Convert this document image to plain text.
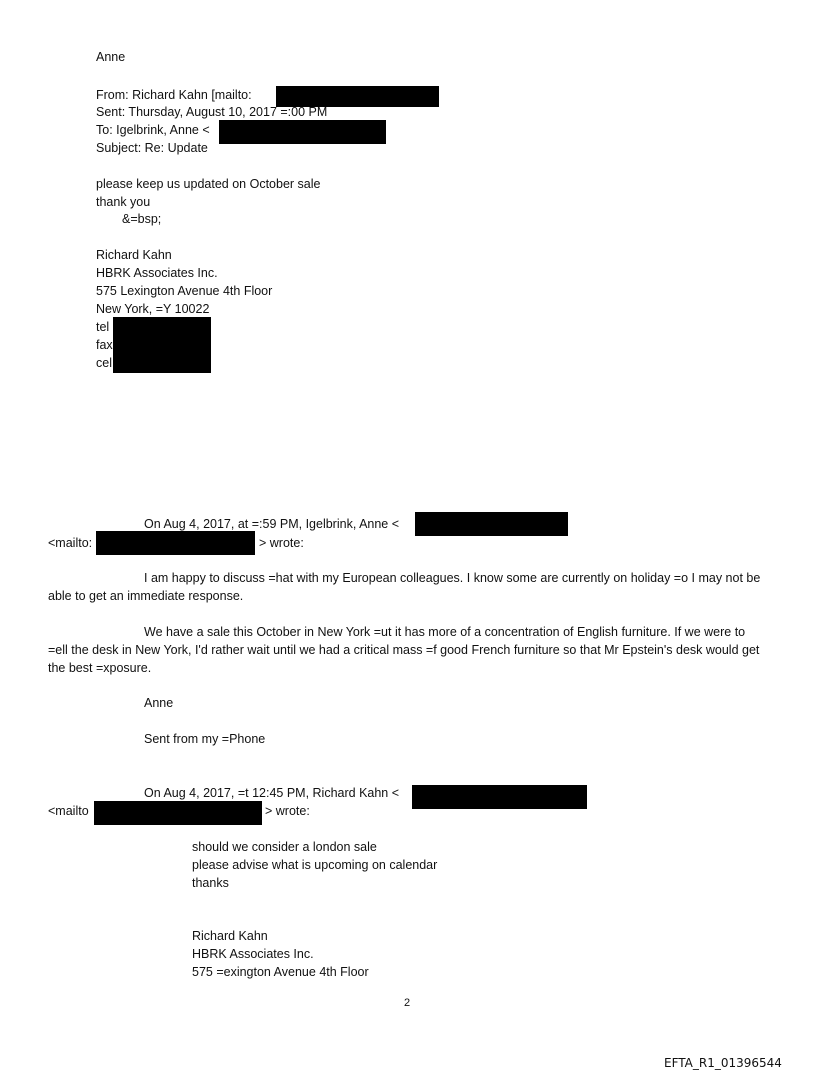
Anne
From: Richard Kahn [mailto:
Sent: Thursday, August 10, 2017 =:00 PM
To: Igelbrink, Anne <
Subject: Re: Update
please keep us updated on October sale
thank you
&=bsp;
Richard Kahn
HBRK Associates Inc.
575 Lexington Avenue 4th Floor
New York, =Y 10022
tel
fax
cel
On Aug 4, 2017, at =:59 PM, Igelbrink, Anne <
<mailto:	> wrote:
I am happy to discuss =hat with my European colleagues. I know some are currently on holiday =o I may not be able to get an immediate response.
We have a sale this October in New York =ut it has more of a concentration of English furniture. If we were to =ell the desk in New York, I'd rather wait until we had a critical mass =f good French furniture so that Mr Epstein's desk would get the best =xposure.
Anne
Sent from my =Phone
On Aug 4, 2017, =t 12:45 PM, Richard Kahn <
<mailto	> wrote:
should we consider a london sale
please advise what is upcoming on calendar
thanks
Richard Kahn
HBRK Associates Inc.
575 =exington Avenue 4th Floor
2
EFTA_R1_01396544
